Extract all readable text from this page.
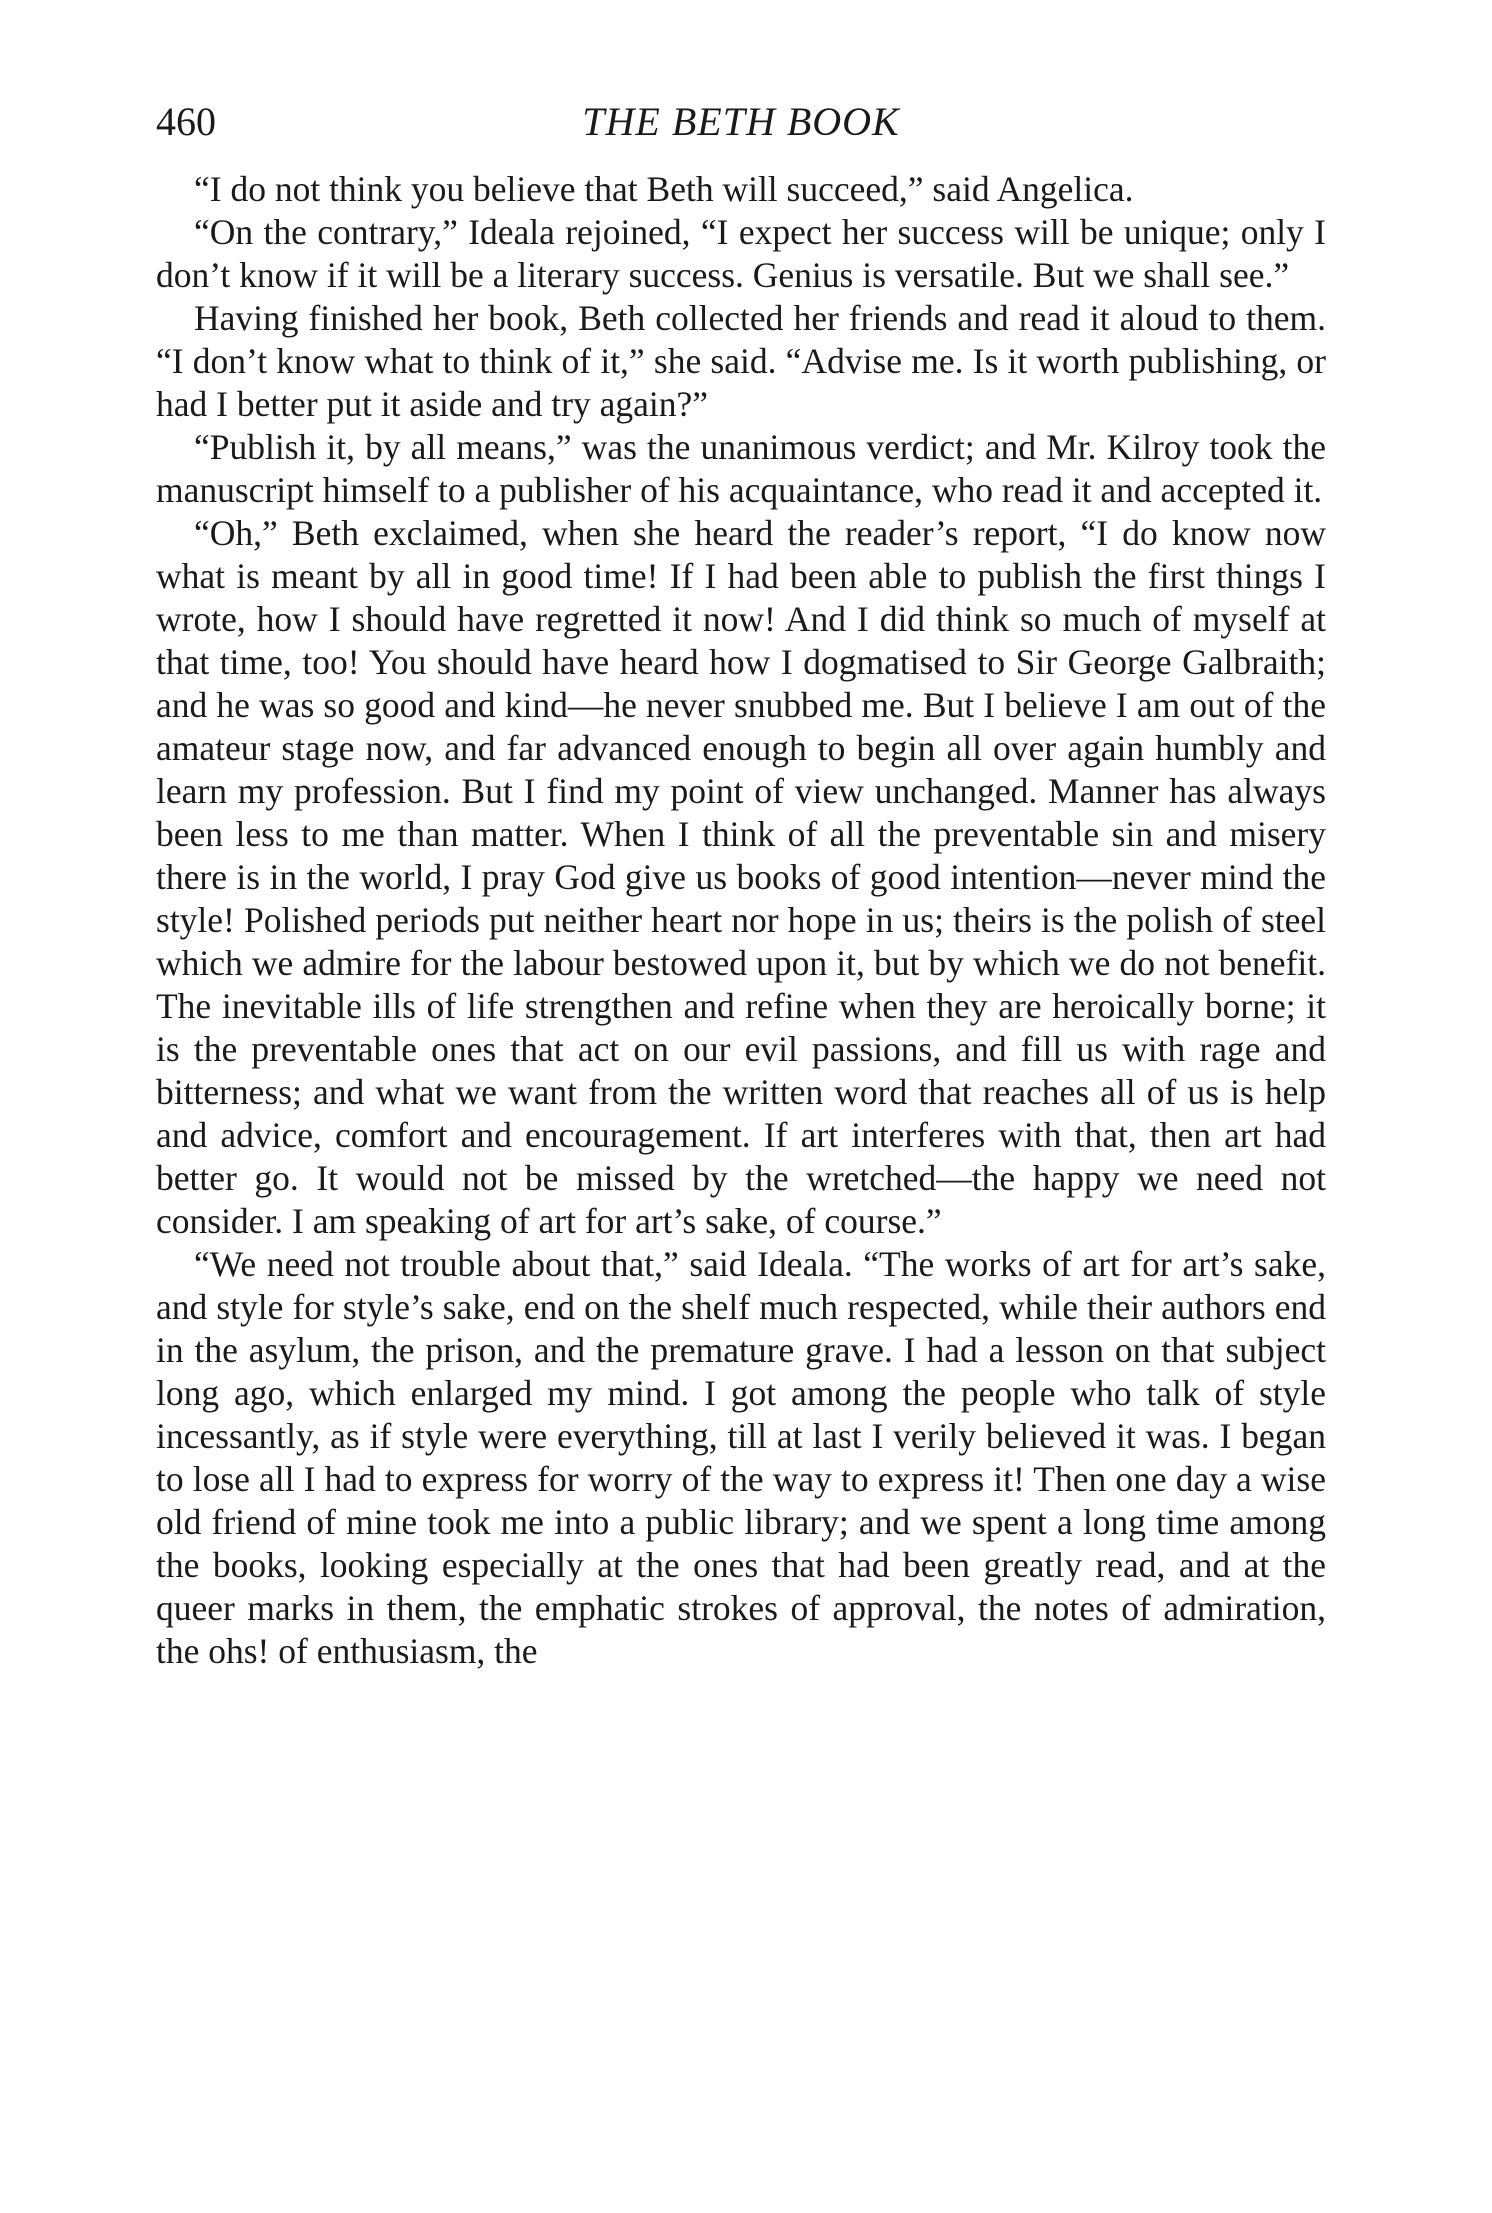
460	THE BETH BOOK

“I do not think you believe that Beth will succeed,” said Angelica.

“On the contrary,” Ideala rejoined, “I expect her success will be unique; only I don’t know if it will be a literary success. Genius is versatile. But we shall see.”

Having finished her book, Beth collected her friends and read it aloud to them. “I don’t know what to think of it,” she said. “Advise me. Is it worth publishing, or had I better put it aside and try again?”

“Publish it, by all means,” was the unanimous verdict; and Mr. Kilroy took the manuscript himself to a publisher of his acquaintance, who read it and accepted it.

“Oh,” Beth exclaimed, when she heard the reader’s report, “I do know now what is meant by all in good time! If I had been able to publish the first things I wrote, how I should have regretted it now! And I did think so much of myself at that time, too! You should have heard how I dogmatised to Sir George Galbraith; and he was so good and kind—he never snubbed me. But I believe I am out of the amateur stage now, and far advanced enough to begin all over again humbly and learn my profession. But I find my point of view unchanged. Manner has always been less to me than matter. When I think of all the preventable sin and misery there is in the world, I pray God give us books of good intention—never mind the style! Polished periods put neither heart nor hope in us; theirs is the polish of steel which we admire for the labour bestowed upon it, but by which we do not benefit. The inevitable ills of life strengthen and refine when they are heroically borne; it is the preventable ones that act on our evil passions, and fill us with rage and bitterness; and what we want from the written word that reaches all of us is help and advice, comfort and encouragement. If art interferes with that, then art had better go. It would not be missed by the wretched—the happy we need not consider. I am speaking of art for art’s sake, of course.”

“We need not trouble about that,” said Ideala. “The works of art for art’s sake, and style for style’s sake, end on the shelf much respected, while their authors end in the asylum, the prison, and the premature grave. I had a lesson on that subject long ago, which enlarged my mind. I got among the people who talk of style incessantly, as if style were everything, till at last I verily believed it was. I began to lose all I had to express for worry of the way to express it! Then one day a wise old friend of mine took me into a public library; and we spent a long time among the books, looking especially at the ones that had been greatly read, and at the queer marks in them, the emphatic strokes of approval, the notes of admiration, the ohs! of enthusiasm, the
